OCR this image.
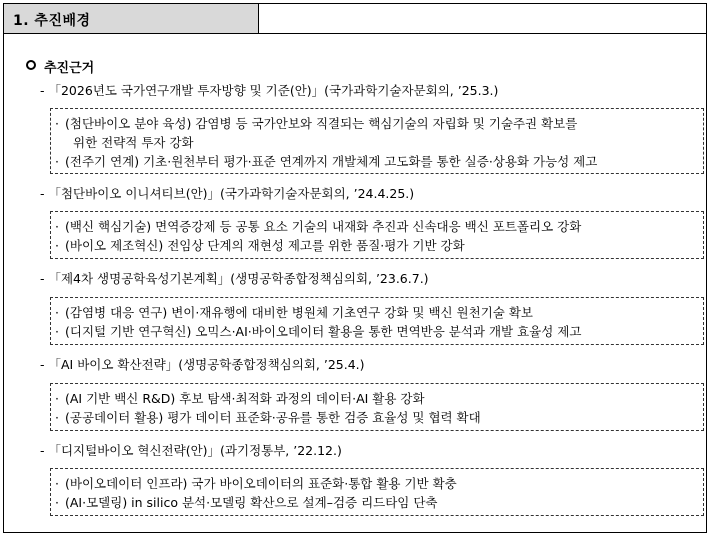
1. 추진배경
추진근거
- 「2026년도 국가연구개발 투자방향 및 기준(안)」(국가과학기술자문회의, ’25.3.)
· (첨단바이오 분야 육성) 감염병 등 국가안보와 직결되는 핵심기술의 자립화 및 기술주권 확보를
위한 전략적 투자 강화
· (전주기 연계) 기초·원천부터 평가·표준 연계까지 개발체계 고도화를 통한 실증·상용화 가능성 제고
- 「첨단바이오 이니셔티브(안)」(국가과학기술자문회의, ’24.4.25.)
· (백신 핵심기술) 면역증강제 등 공통 요소 기술의 내재화 추진과 신속대응 백신 포트폴리오 강화
· (바이오 제조혁신) 전임상 단계의 재현성 제고를 위한 품질·평가 기반 강화
- 「제4차 생명공학육성기본계획」(생명공학종합정책심의회, ’23.6.7.)
· (감염병 대응 연구) 변이·재유행에 대비한 병원체 기초연구 강화 및 백신 원천기술 확보
· (디지털 기반 연구혁신) 오믹스·AI·바이오데이터 활용을 통한 면역반응 분석과 개발 효율성 제고
- 「AI 바이오 확산전략」(생명공학종합정책심의회, ’25.4.)
· (AI 기반 백신 R&D) 후보 탐색·최적화 과정의 데이터·AI 활용 강화
· (공공데이터 활용) 평가 데이터 표준화·공유를 통한 검증 효율성 및 협력 확대
- 「디지털바이오 혁신전략(안)」(과기정통부, ’22.12.)
· (바이오데이터 인프라) 국가 바이오데이터의 표준화·통합 활용 기반 확충
· (AI·모델링) in silico 분석·모델링 확산으로 설계–검증 리드타임 단축
